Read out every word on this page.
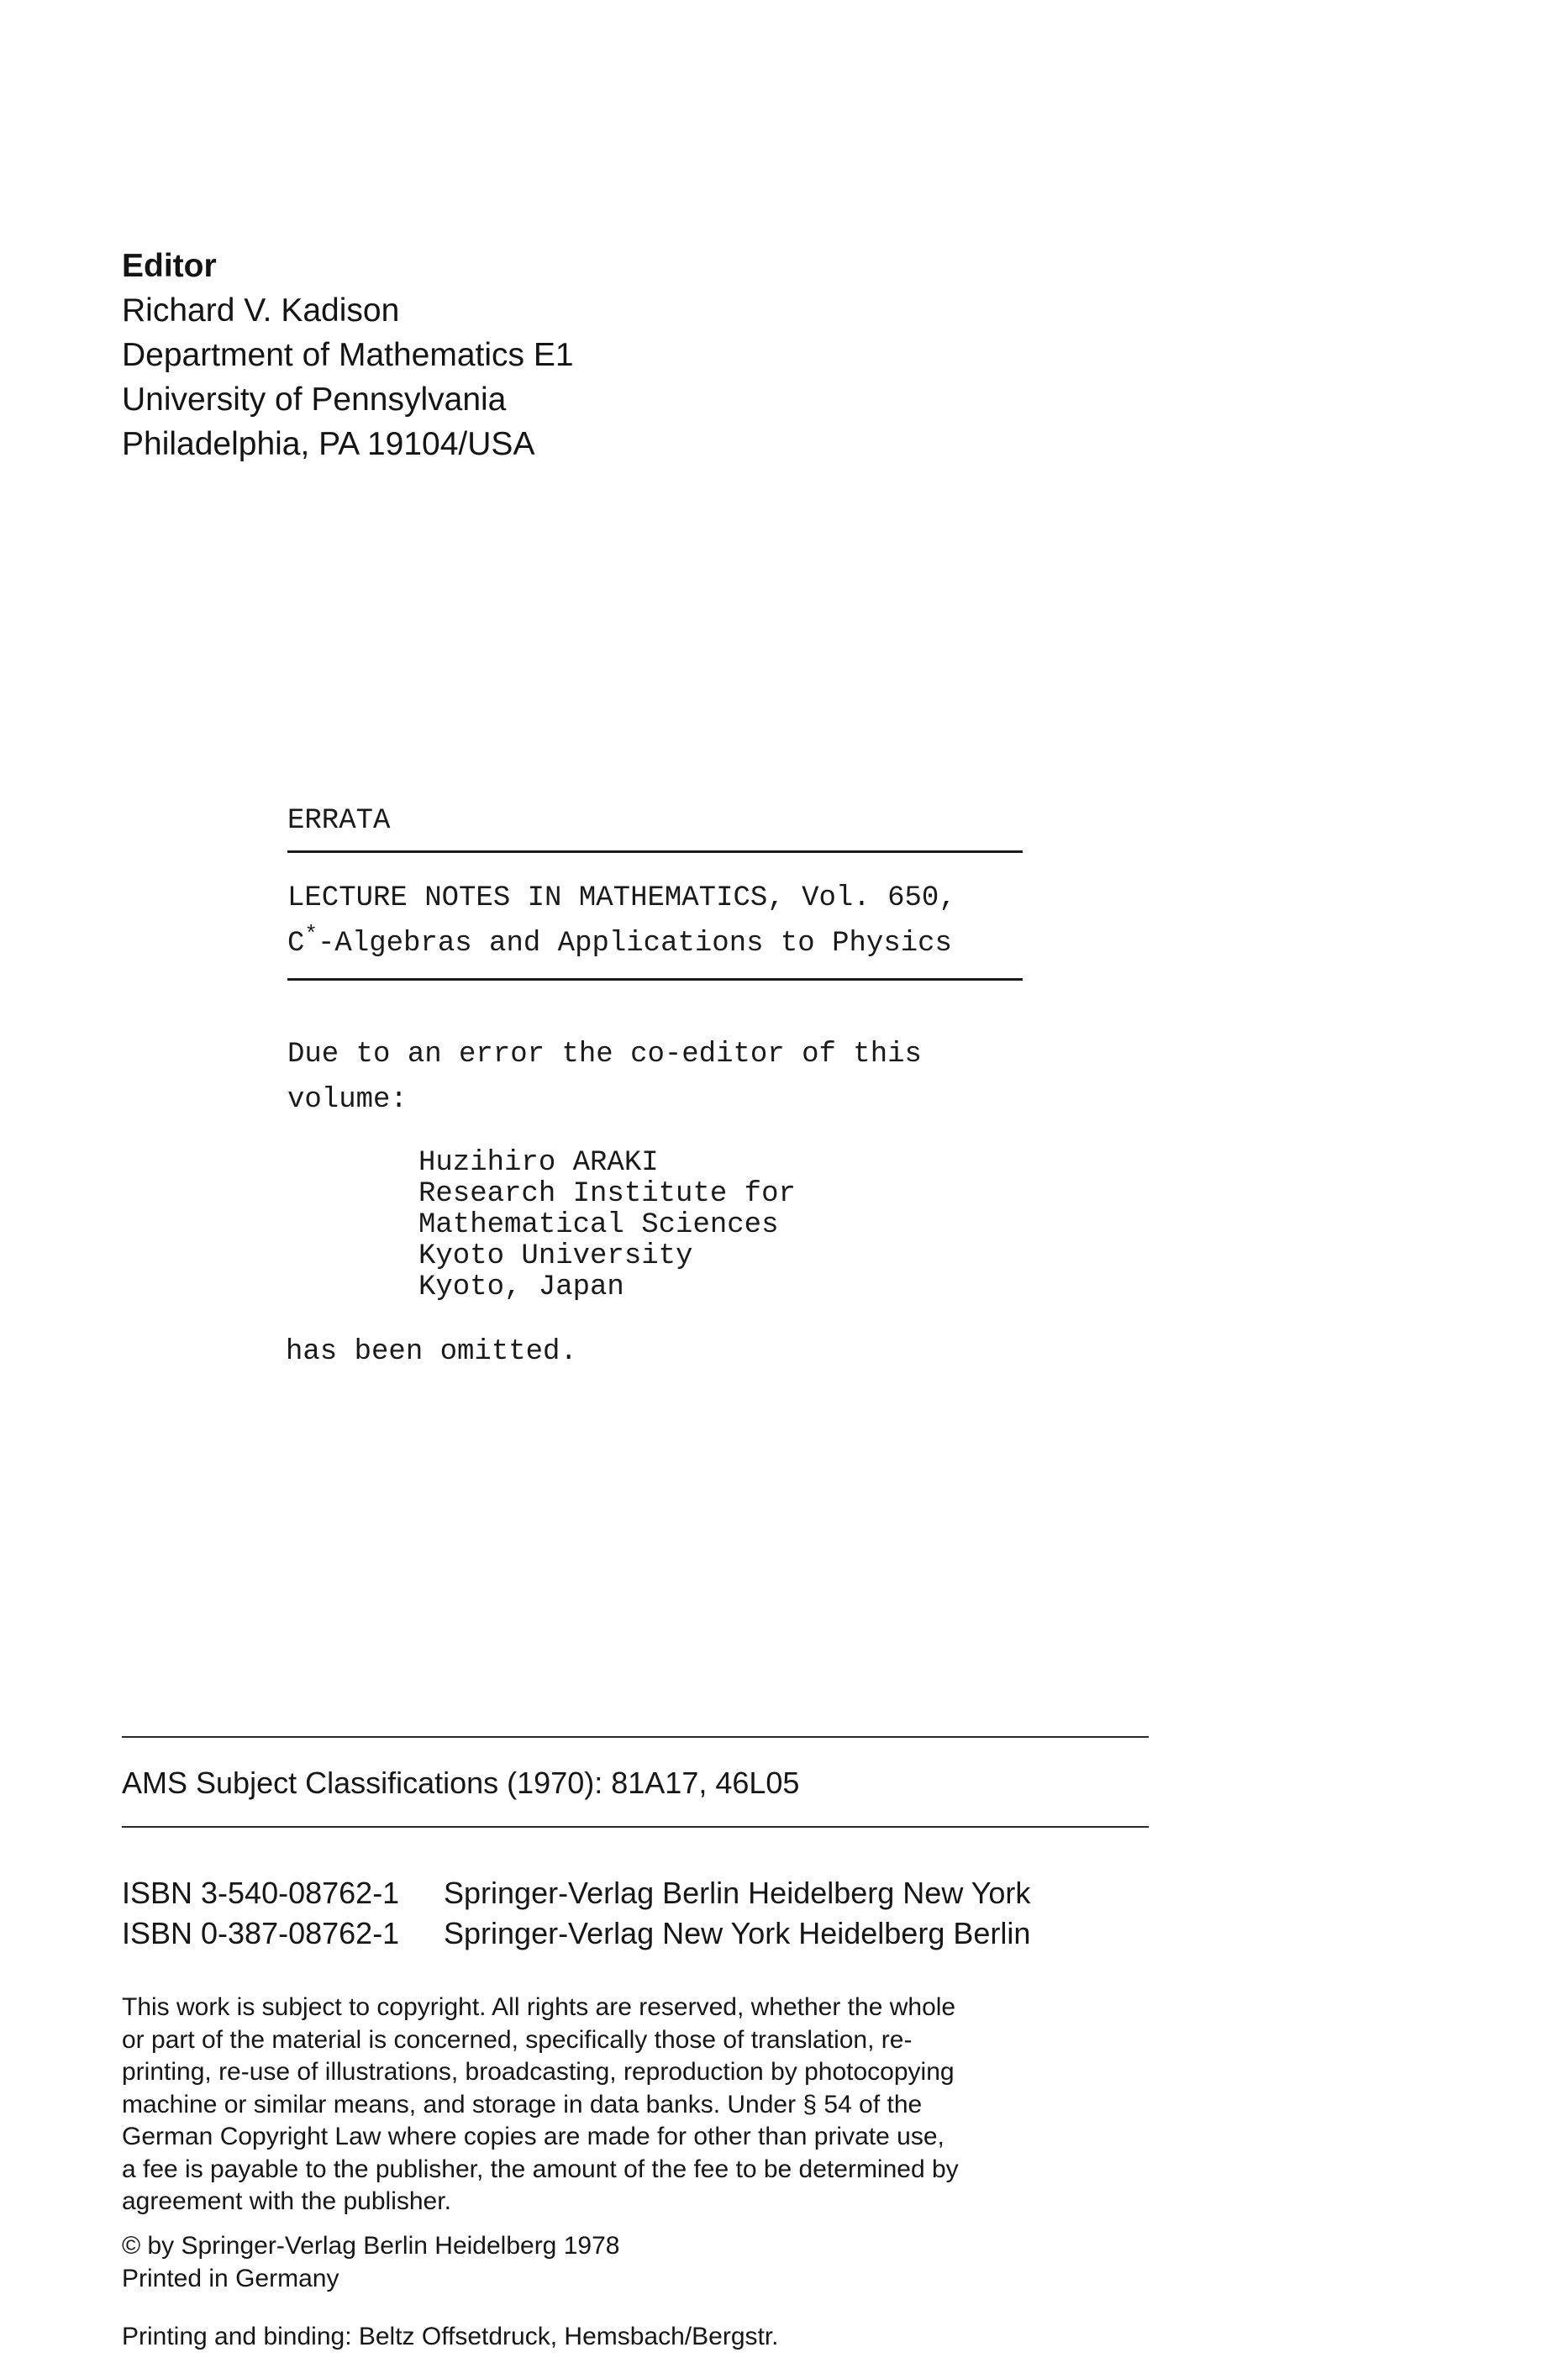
Editor
Richard V. Kadison
Department of Mathematics E1
University of Pennsylvania
Philadelphia, PA 19104/USA
ERRATA
LECTURE NOTES IN MATHEMATICS, Vol. 650,
C*-Algebras and Applications to Physics
Due to an error the co-editor of this
volume:
Huzihiro ARAKI
Research Institute for
Mathematical Sciences
Kyoto University
Kyoto, Japan
has been omitted.
AMS Subject Classifications (1970): 81A17, 46L05
ISBN 3-540-08762-1 Springer-Verlag Berlin Heidelberg New York
ISBN 0-387-08762-1 Springer-Verlag New York Heidelberg Berlin
This work is subject to copyright. All rights are reserved, whether the whole
or part of the material is concerned, specifically those of translation, re-
printing, re-use of illustrations, broadcasting, reproduction by photocopying
machine or similar means, and storage in data banks. Under § 54 of the
German Copyright Law where copies are made for other than private use,
a fee is payable to the publisher, the amount of the fee to be determined by
agreement with the publisher.
© by Springer-Verlag Berlin Heidelberg 1978
Printed in Germany
Printing and binding: Beltz Offsetdruck, Hemsbach/Bergstr.
